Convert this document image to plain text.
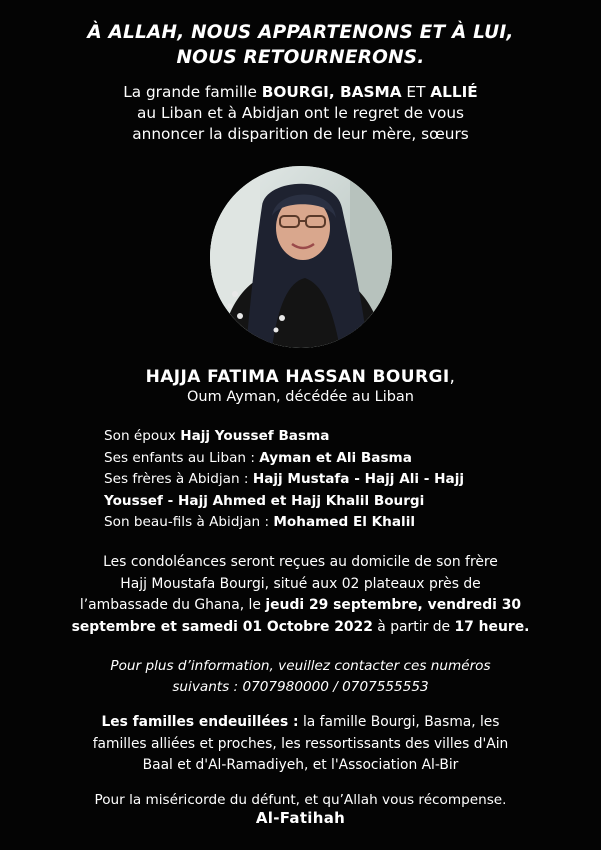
À ALLAH, NOUS APPARTENONS ET À LUI,
NOUS RETOURNERONS.
La grande famille BOURGI, BASMA ET ALLIÉ
au Liban et à Abidjan ont le regret de vous
annoncer la disparition de leur mère, sœurs
HAJJA FATIMA HASSAN BOURGI,
Oum Ayman, décédée au Liban
Son époux Hajj Youssef Basma
Ses enfants au Liban : Ayman et Ali Basma
Ses frères à Abidjan : Hajj Mustafa - Hajj Ali - Hajj
Youssef - Hajj Ahmed et Hajj Khalil Bourgi
Son beau-fils à Abidjan : Mohamed El Khalil
Les condoléances seront reçues au domicile de son frère
Hajj Moustafa Bourgi, situé aux 02 plateaux près de
l’ambassade du Ghana, le jeudi 29 septembre, vendredi 30
septembre et samedi 01 Octobre 2022 à partir de 17 heure.
Pour plus d’information, veuillez contacter ces numéros
suivants : 0707980000 / 0707555553
Les familles endeuillées : la famille Bourgi, Basma, les
familles alliées et proches, les ressortissants des villes d'Ain
Baal et d'Al-Ramadiyeh, et l'Association Al-Bir
Pour la miséricorde du défunt, et qu’Allah vous récompense.
Al-Fatihah
